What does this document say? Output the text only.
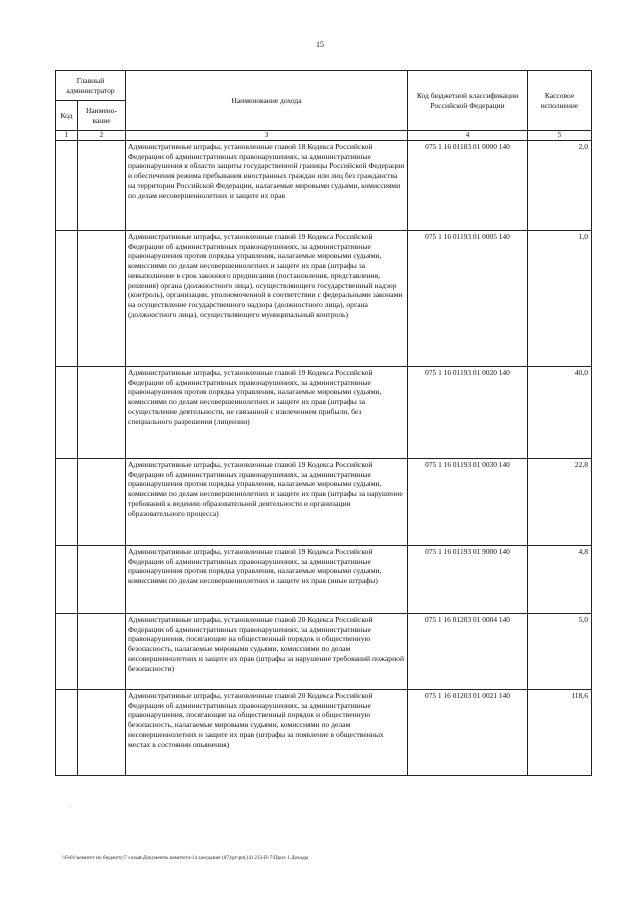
15
Главный администратор		Наименование дохода	Код бюджетной классификации Российской Федерации	Кассовое исполнение
Код	Наимено-вание			
1	2	3	4	5
		Административные штрафы, установленные главой 18 Кодекса Российской Федерации об административных правонарушениях, за административные правонарушения в области защиты государственной границы Российской Федерации и обеспечения режима пребывания иностранных граждан или лиц без гражданства на территории Российской Федерации, налагаемые мировыми судьями, комиссиями по делам несовершеннолетних и защите их прав	075 1 16 01183 01 0000 140	2,0
		Административные штрафы, установленные главой 19 Кодекса Российской Федерации об административных правонарушениях, за административные правонарушения против порядка управления, налагаемые мировыми судьями, комиссиями по делам несовершеннолетних и защите их прав (штрафы за невыполнение в срок законного предписания (постановления, представления, решения) органа (должностного лица), осуществляющего государственный надзор (контроль), организации, уполномоченной в соответствии с федеральными законами на осуществление государственного надзора (должностного лица), органа (должностного лица), осуществляющего муниципальный контроль)	075 1 16 01193 01 0005 140	1,0
		Административные штрафы, установленные главой 19 Кодекса Российской Федерации об административных правонарушениях, за административные правонарушения против порядка управления, налагаемые мировыми судьями, комиссиями по делам несовершеннолетних и защите их прав (штрафы за осуществление деятельности, не связанной с извлечением прибыли, без специального разрешения (лицензии)	075 1 16 01193 01 0020 140	40,0
		Административные штрафы, установленные главой 19 Кодекса Российской Федерации об административных правонарушениях, за административные правонарушения против порядка управления, налагаемые мировыми судьями, комиссиями по делам несовершеннолетних и защите их прав (штрафы за нарушение требований к ведению образовательной деятельности и организации образовательного процесса)	075 1 16 01193 01 0030 140	22,8
		Административные штрафы, установленные главой 19 Кодекса Российской Федерации об административных правонарушениях, за административные правонарушения против порядка управления, налагаемые мировыми судьями, комиссиями по делам несовершеннолетних и защите их прав (иные штрафы)	075 1 16 01193 01 9000 140	4,8
		Административные штрафы, установленные главой 20 Кодекса Российской Федерации об административных правонарушениях, за административные правонарушения, посягающие на общественный порядок и общественную безопасность, налагаемые мировыми судьями, комиссиями по делам несовершеннолетних и защите их прав (штрафы за нарушение требований пожарной безопасности)	075 1 16 01203 01 0004 140	5,0
		Административные штрафы, установленные главой 20 Кодекса Российской Федерации об административных правонарушениях, за административные правонарушения, посягающие на общественный порядок и общественную безопасность, налагаемые мировыми судьями, комиссиями по делам несовершеннолетних и защите их прав (штрафы за появление в общественных местах в состоянии опьянения)	075 1 16 01203 01 0021 140	118,6
.
\\Fs01\комитет по бюджету\7 созыв\Документы комитета\14 заседание (07)\рг\рп(14) 233-П-7\Прил 1 Доходы
